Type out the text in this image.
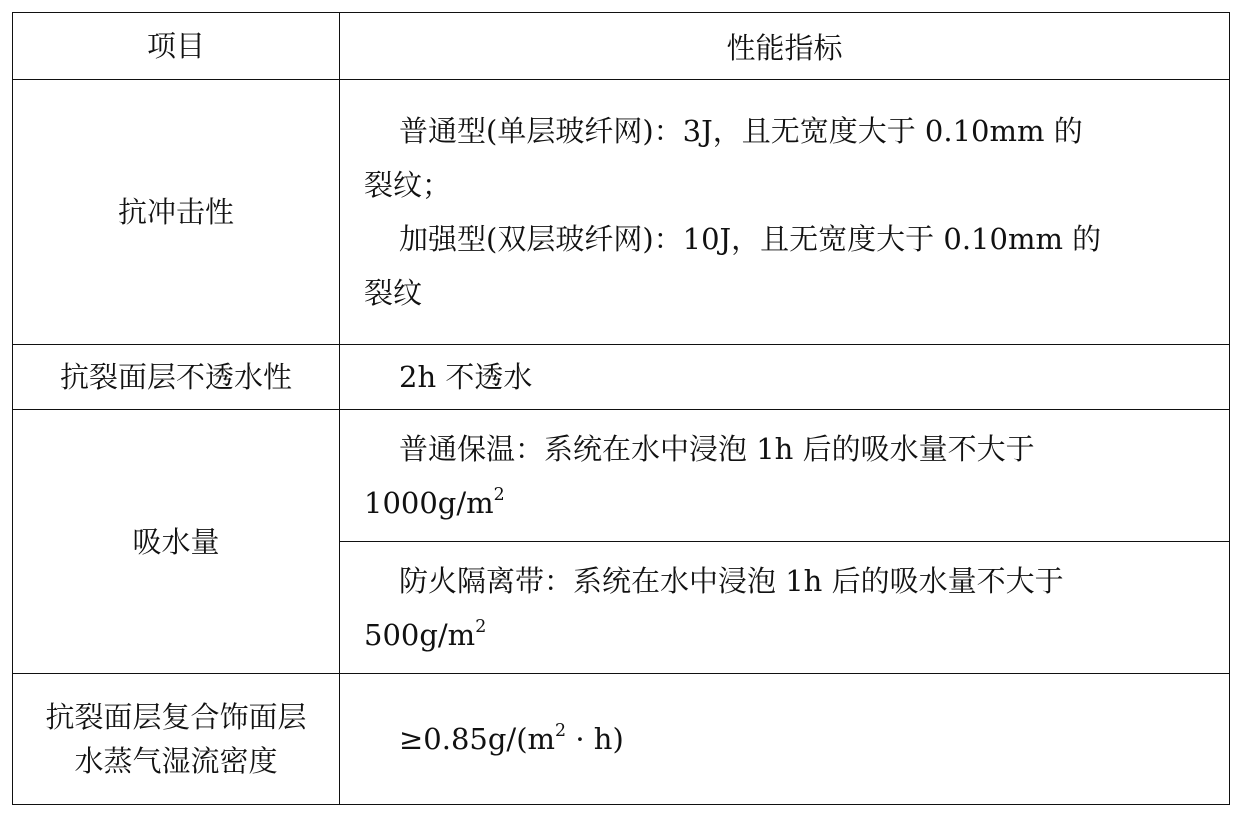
项目	性能指标
抗冲击性	普通型(单层玻纤网)：3J，且无宽度大于 0.10mm 的
裂纹；
加强型(双层玻纤网)：10J，且无宽度大于 0.10mm 的
裂纹

抗裂面层不透水性	2h 不透水

吸水量	普通保温：系统在水中浸泡 1h 后的吸水量不大于
$1000g/m^2$

	防火隔离带：系统在水中浸泡 1h 后的吸水量不大于
$500g/m^2$

抗裂面层复合饰面层
水蒸气湿流密度	$\ge 0.85g/(m^2 \cdot h)$
